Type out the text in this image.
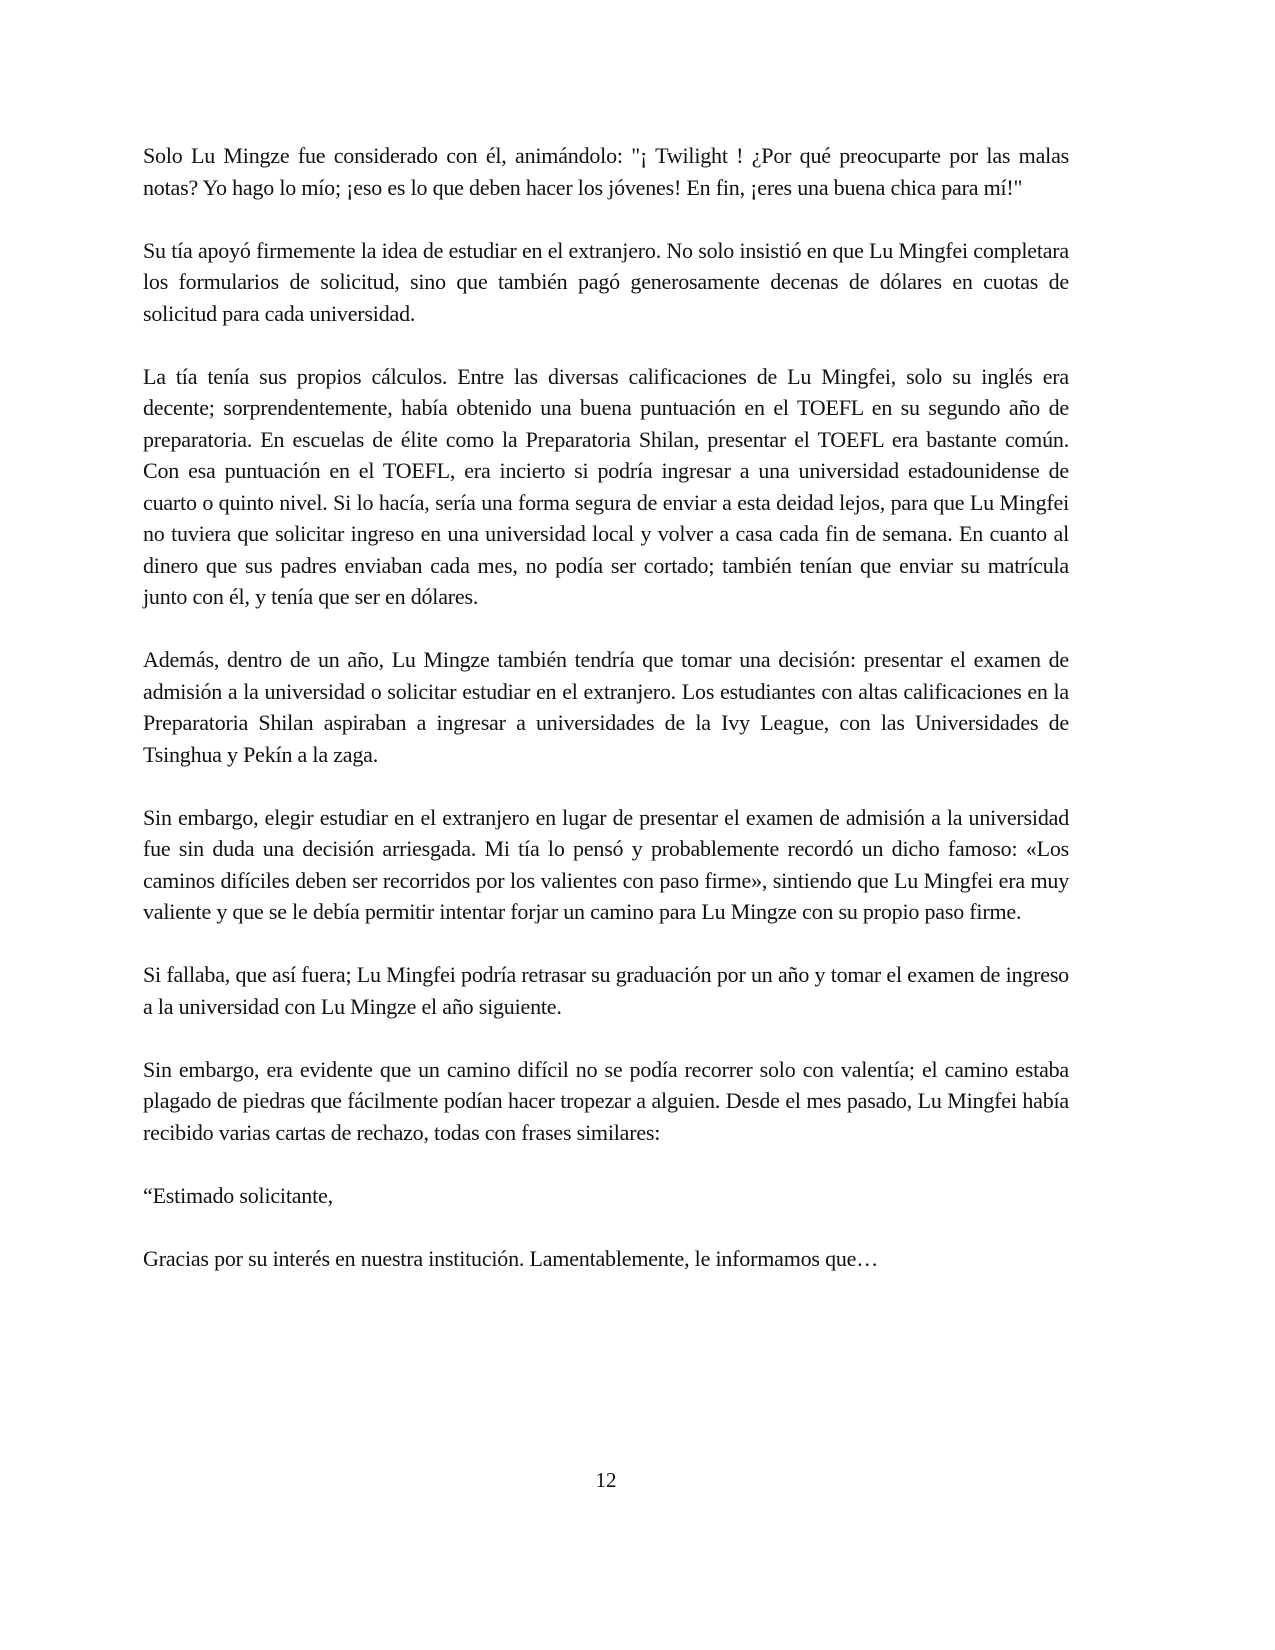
Solo Lu Mingze fue considerado con él, animándolo: "¡ Twilight ! ¿Por qué preocuparte por las malas notas? Yo hago lo mío; ¡eso es lo que deben hacer los jóvenes! En fin, ¡eres una buena chica para mí!"

Su tía apoyó firmemente la idea de estudiar en el extranjero. No solo insistió en que Lu Mingfei completara los formularios de solicitud, sino que también pagó generosamente decenas de dólares en cuotas de solicitud para cada universidad.

La tía tenía sus propios cálculos. Entre las diversas calificaciones de Lu Mingfei, solo su inglés era decente; sorprendentemente, había obtenido una buena puntuación en el TOEFL en su segundo año de preparatoria. En escuelas de élite como la Preparatoria Shilan, presentar el TOEFL era bastante común. Con esa puntuación en el TOEFL, era incierto si podría ingresar a una universidad estadounidense de cuarto o quinto nivel. Si lo hacía, sería una forma segura de enviar a esta deidad lejos, para que Lu Mingfei no tuviera que solicitar ingreso en una universidad local y volver a casa cada fin de semana. En cuanto al dinero que sus padres enviaban cada mes, no podía ser cortado; también tenían que enviar su matrícula junto con él, y tenía que ser en dólares.

Además, dentro de un año, Lu Mingze también tendría que tomar una decisión: presentar el examen de admisión a la universidad o solicitar estudiar en el extranjero. Los estudiantes con altas calificaciones en la Preparatoria Shilan aspiraban a ingresar a universidades de la Ivy League, con las Universidades de Tsinghua y Pekín a la zaga.

Sin embargo, elegir estudiar en el extranjero en lugar de presentar el examen de admisión a la universidad fue sin duda una decisión arriesgada. Mi tía lo pensó y probablemente recordó un dicho famoso: «Los caminos difíciles deben ser recorridos por los valientes con paso firme», sintiendo que Lu Mingfei era muy valiente y que se le debía permitir intentar forjar un camino para Lu Mingze con su propio paso firme.

Si fallaba, que así fuera; Lu Mingfei podría retrasar su graduación por un año y tomar el examen de ingreso a la universidad con Lu Mingze el año siguiente.

Sin embargo, era evidente que un camino difícil no se podía recorrer solo con valentía; el camino estaba plagado de piedras que fácilmente podían hacer tropezar a alguien. Desde el mes pasado, Lu Mingfei había recibido varias cartas de rechazo, todas con frases similares:

“Estimado solicitante,

Gracias por su interés en nuestra institución. Lamentablemente, le informamos que…

12
